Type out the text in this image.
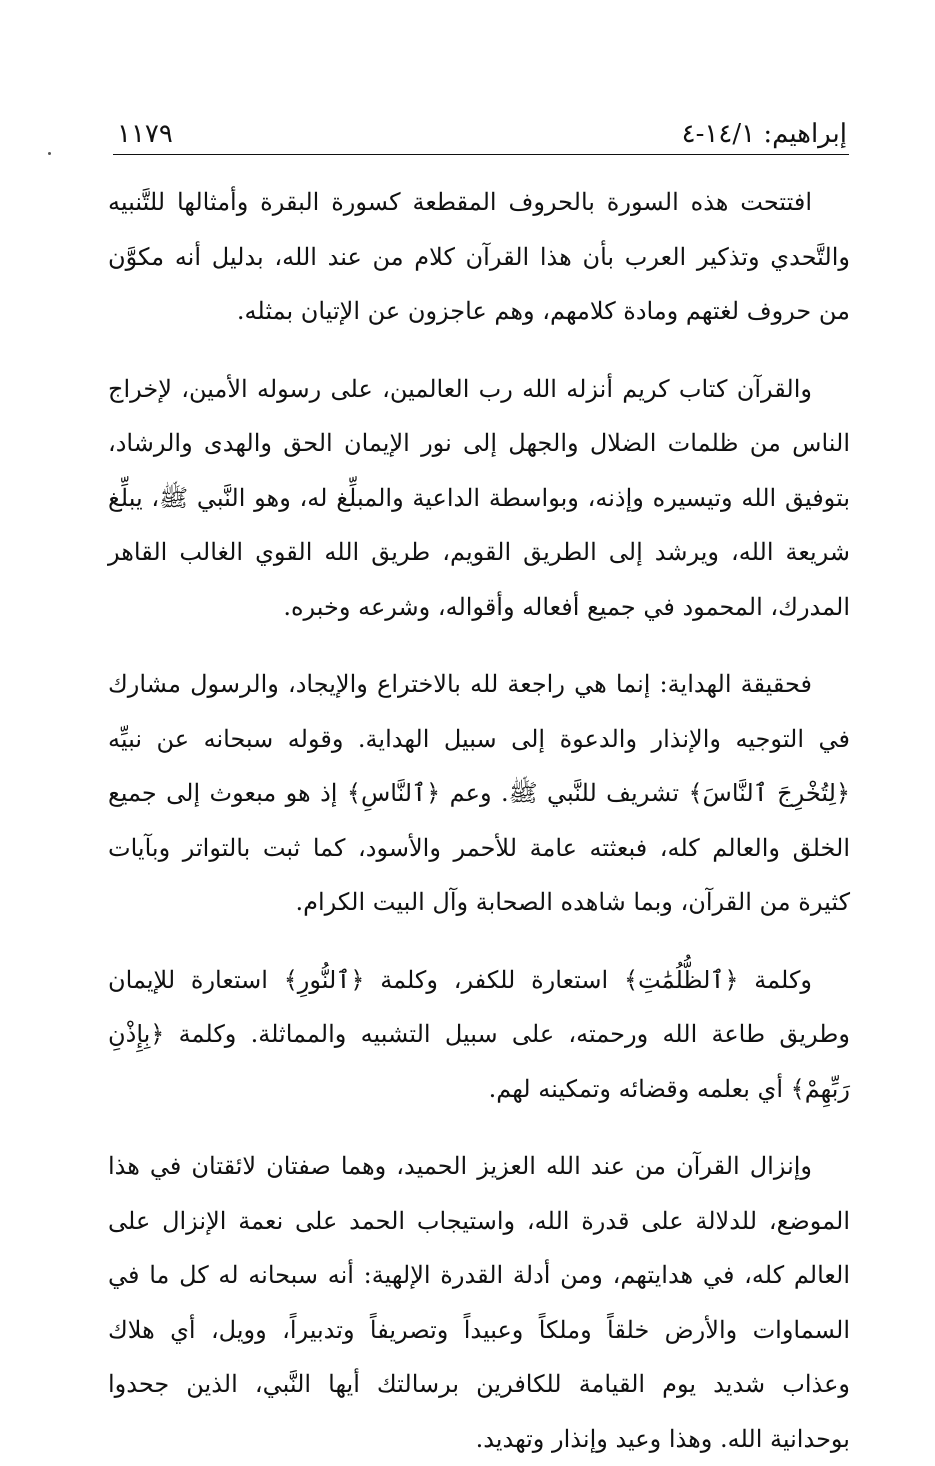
١١٧٩	إبراهيم: ١٤/١-٤

افتتحت هذه السورة بالحروف المقطعة كسورة البقرة وأمثالها للتَّنبيه والتَّحدي وتذكير العرب بأن هذا القرآن كلام من عند الله، بدليل أنه مكوَّن من حروف لغتهم ومادة كلامهم، وهم عاجزون عن الإتيان بمثله.

والقرآن كتاب كريم أنزله الله رب العالمين، على رسوله الأمين، لإخراج الناس من ظلمات الضلال والجهل إلى نور الإيمان الحق والهدى والرشاد، بتوفيق الله وتيسيره وإذنه، وبواسطة الداعية والمبلِّغ له، وهو النَّبي ﷺ، يبلِّغ شريعة الله، ويرشد إلى الطريق القويم، طريق الله القوي الغالب القاهر المدرك، المحمود في جميع أفعاله وأقواله، وشرعه وخبره.

فحقيقة الهداية: إنما هي راجعة لله بالاختراع والإيجاد، والرسول مشارك في التوجيه والإنذار والدعوة إلى سبيل الهداية. وقوله سبحانه عن نبيِّه ﴿لِتُخْرِجَ ٱلنَّاسَ﴾ تشريف للنَّبي ﷺ. وعم ﴿ٱلنَّاسِ﴾ إذ هو مبعوث إلى جميع الخلق والعالم كله، فبعثته عامة للأحمر والأسود، كما ثبت بالتواتر وبآيات كثيرة من القرآن، وبما شاهده الصحابة وآل البيت الكرام.

وكلمة ﴿ٱلظُّلُمَٰتِ﴾ استعارة للكفر، وكلمة ﴿ٱلنُّورِ﴾ استعارة للإيمان وطريق طاعة الله ورحمته، على سبيل التشبيه والمماثلة. وكلمة ﴿بِإِذْنِ رَبِّهِمْ﴾ أي بعلمه وقضائه وتمكينه لهم.

وإنزال القرآن من عند الله العزيز الحميد، وهما صفتان لائقتان في هذا الموضع، للدلالة على قدرة الله، واستيجاب الحمد على نعمة الإنزال على العالم كله، في هدايتهم، ومن أدلة القدرة الإلهية: أنه سبحانه له كل ما في السماوات والأرض خلقاً وملكاً وعبيداً وتصريفاً وتدبيراً، وويل، أي هلاك وعذاب شديد يوم القيامة للكافرين برسالتك أيها النَّبي، الذين جحدوا بوحدانية الله. وهذا وعيد وإنذار وتهديد.
